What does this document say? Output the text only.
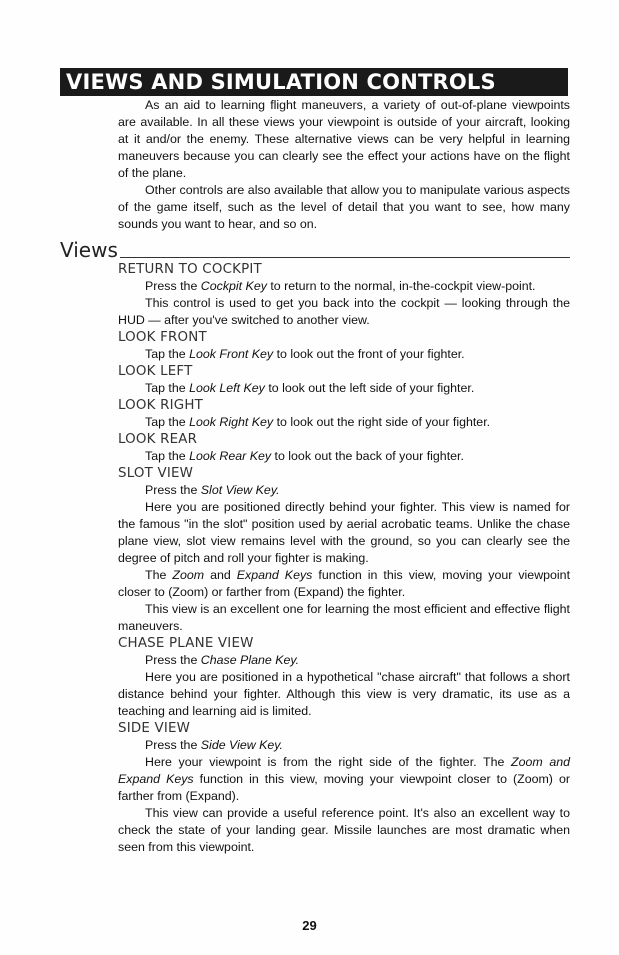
VIEWS AND SIMULATION CONTROLS

As an aid to learning flight maneuvers, a variety of out-of-plane viewpoints are available. In all these views your viewpoint is outside of your aircraft, looking at it and/or the enemy. These alternative views can be very helpful in learning maneuvers because you can clearly see the effect your actions have on the flight of the plane.

Other controls are also available that allow you to manipulate various aspects of the game itself, such as the level of detail that you want to see, how many sounds you want to hear, and so on.

Views
RETURN TO COCKPIT

Press the Cockpit Key to return to the normal, in-the-cockpit view-point.

This control is used to get you back into the cockpit — looking through the HUD — after you've switched to another view.

LOOK FRONT

Tap the Look Front Key to look out the front of your fighter.

LOOK LEFT

Tap the Look Left Key to look out the left side of your fighter.

LOOK RIGHT

Tap the Look Right Key to look out the right side of your fighter.

LOOK REAR

Tap the Look Rear Key to look out the back of your fighter.

SLOT VIEW

Press the Slot View Key.

Here you are positioned directly behind your fighter. This view is named for the famous "in the slot" position used by aerial acrobatic teams. Unlike the chase plane view, slot view remains level with the ground, so you can clearly see the degree of pitch and roll your fighter is making.

The Zoom and Expand Keys function in this view, moving your viewpoint closer to (Zoom) or farther from (Expand) the fighter.

This view is an excellent one for learning the most efficient and effective flight maneuvers.

CHASE PLANE VIEW

Press the Chase Plane Key.

Here you are positioned in a hypothetical "chase aircraft" that follows a short distance behind your fighter. Although this view is very dramatic, its use as a teaching and learning aid is limited.

SIDE VIEW

Press the Side View Key.

Here your viewpoint is from the right side of the fighter. The Zoom and Expand Keys function in this view, moving your viewpoint closer to (Zoom) or farther from (Expand).

This view can provide a useful reference point. It's also an excellent way to check the state of your landing gear. Missile launches are most dramatic when seen from this viewpoint.

29
